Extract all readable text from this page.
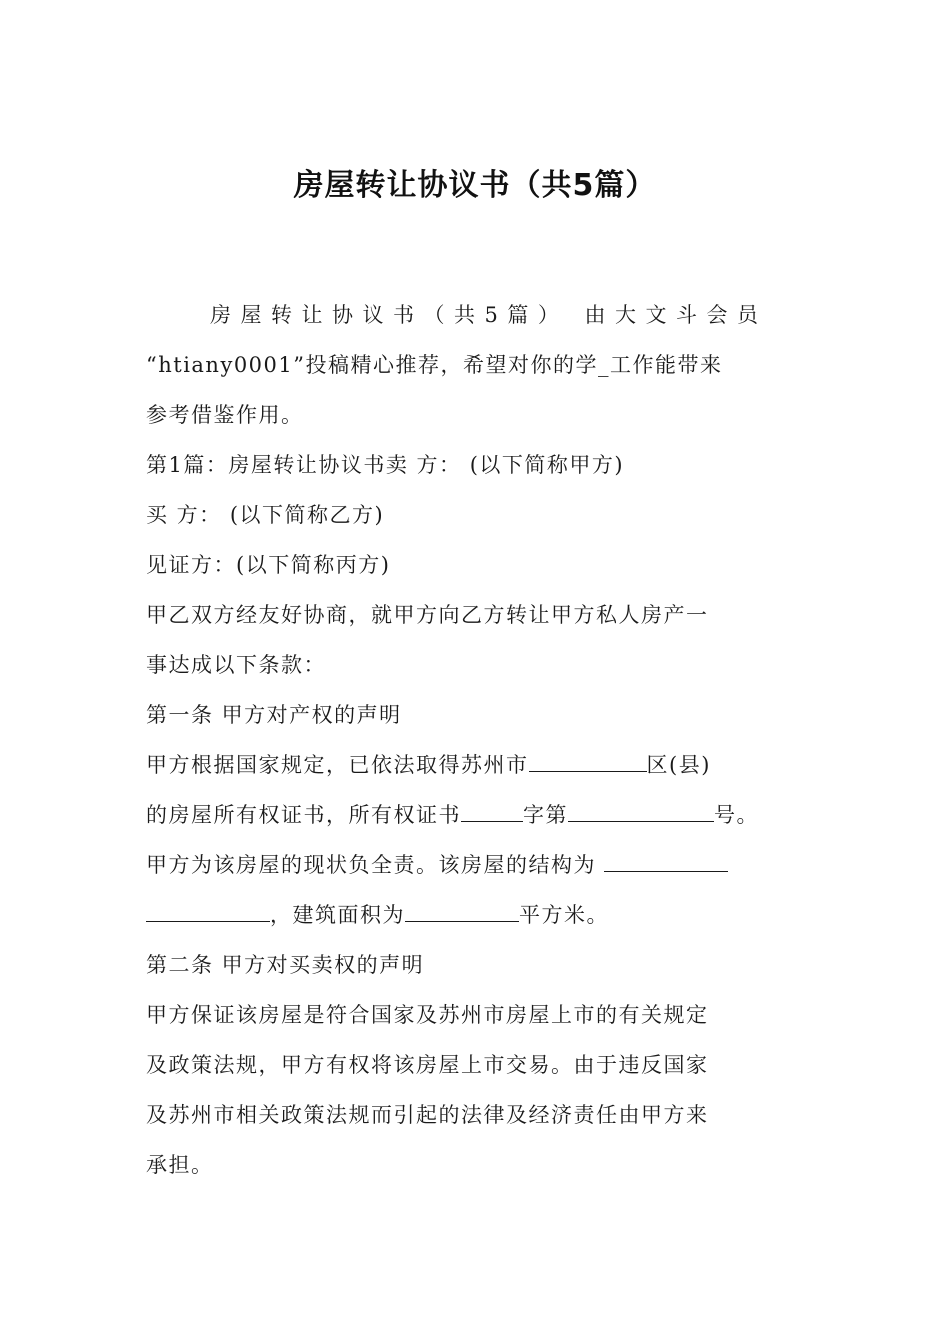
房屋转让协议书（共5篇）
房屋转让协议书（共5篇） 由大文斗会员
“htiany0001”投稿精心推荐，希望对你的学_工作能带来
参考借鉴作用。
第1篇：房屋转让协议书卖 方： (以下简称甲方)
买 方： (以下简称乙方)
见证方：(以下简称丙方)
甲乙双方经友好协商，就甲方向乙方转让甲方私人房产一
事达成以下条款：
第一条 甲方对产权的声明
甲方根据国家规定，已依法取得苏州市	区(县)
的房屋所有权证书，所有权证书	字第	号。
甲方为该房屋的现状负全责。该房屋的结构为
，建筑面积为	平方米。
第二条 甲方对买卖权的声明
甲方保证该房屋是符合国家及苏州市房屋上市的有关规定
及政策法规，甲方有权将该房屋上市交易。由于违反国家
及苏州市相关政策法规而引起的法律及经济责任由甲方来
承担。
